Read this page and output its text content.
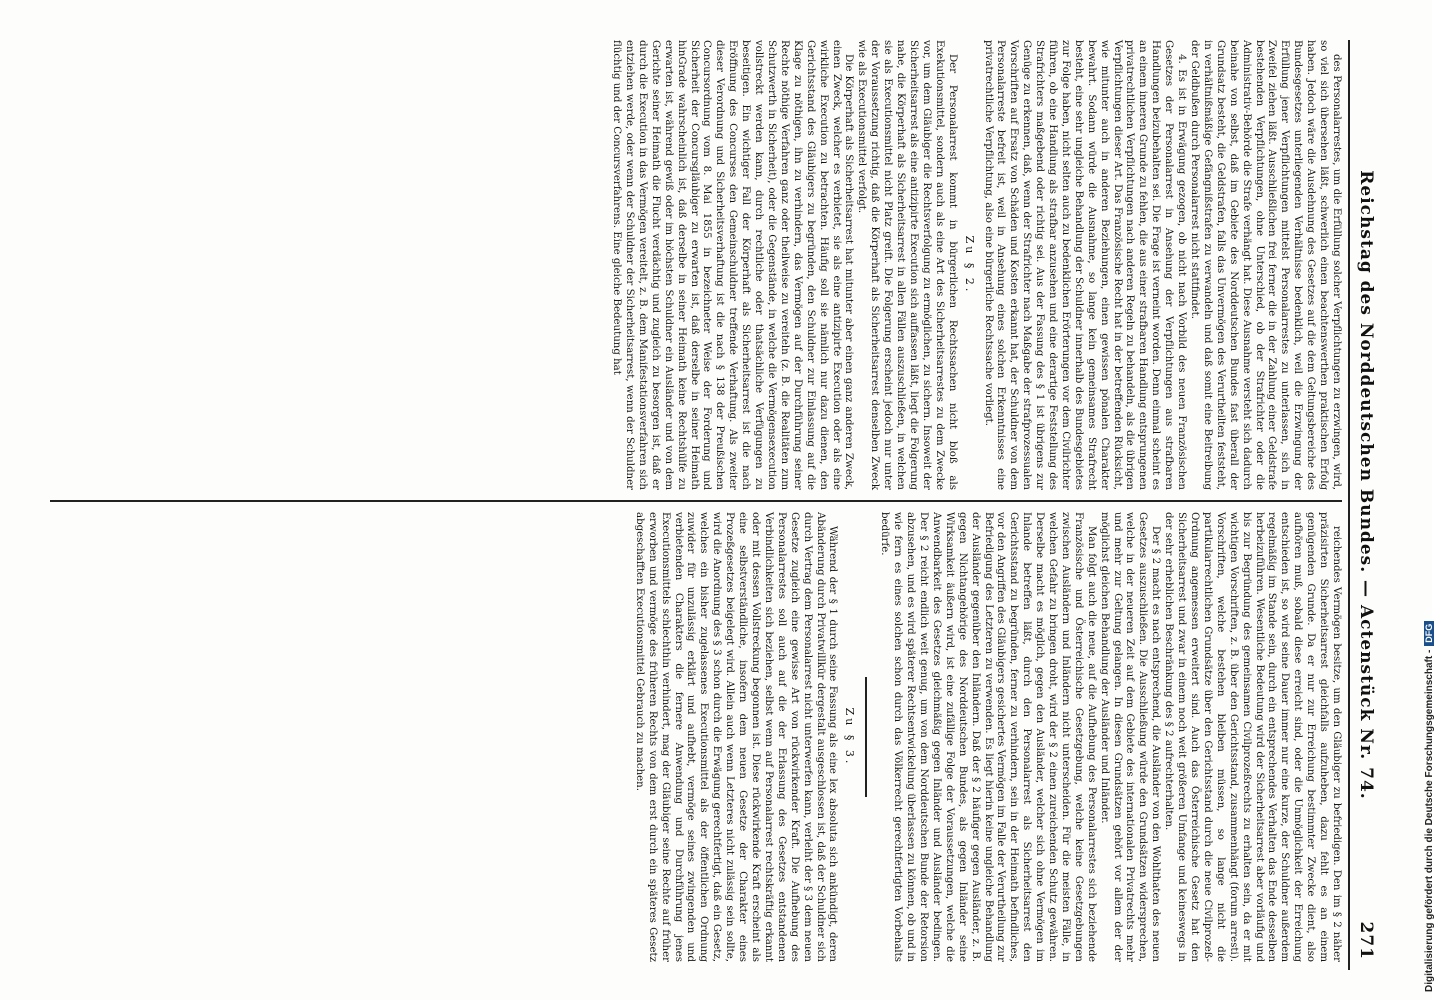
Reichstag des Norddeutschen Bundes. — Actenstück Nr. 74.
271

des Personalarrestes, um die Erfüllung solcher Verpflichtungen zu erzwingen, wird, so viel sich übersehen läßt, schwerlich einen beachtenswerthen praktischen Erfolg haben. Jedoch wäre die Ausdehnung des Gesetzes auf die dem Geltungsbereiche des Bundesgesetzes unterliegenden Verhältnisse bedenklich, weil die Erzwingung der Erfüllung jener Verpflichtungen mittelst Personalarrestes zu unterlassen, sich in Zweifel ziehen läßt. Ausschließlichen frei ferner die in der Zahlung einer Geldstrafe bestehenden Verpflichtungen, ohne Unterschied, ob der Strafrichter oder die Administrativ-Behörde die Strafe verhängt hat. Diese Ausnahme versteht sich dadurch beinahe von selbst, daß im Gebiete des Norddeutschen Bundes fast überall der Grundsatz besteht, die Geldstrafen, falls das Unvermögen des Verurtheilten feststeht, in verhältnißmäßige Gefängnißstrafen zu verwandeln und daß somit eine Beitreibung der Geldbußen durch Personalarrest nicht stattfindet.

4. Es ist in Erwägung gezogen, ob nicht nach Vorbild des neuen Französischen Gesetzes der Personalarrest in Ansehung der Verpflichtungen aus strafbaren Handlungen beizubehalten sei. Die Frage ist verneint worden. Denn einmal scheint es an einem inneren Grunde zu fehlen, die aus einer strafbaren Handlung entsprungenen privatrechtlichen Verpflichtungen nach anderen Regeln zu behandeln, als die übrigen Verpflichtungen dieser Art. Das Französische Recht hat in der betreffenden Rücksicht, wie mitunter auch in anderen Beziehungen, einen gewissen pönalen Charakter bewahrt. Sodann würde die Ausnahme, so lange kein gemeinsames Strafrecht besteht, eine sehr ungleiche Behandlung der Schuldner innerhalb des Bundesgebietes zur Folge haben, nicht selten auch zu bedenklichen Erörterungen vor dem Civilrichter führen, ob eine Handlung als strafbar anzusehen und eine derartige Feststellung des Strafrichters maßgebend oder richtig sei. Aus der Fassung des § 1 ist übrigens zur Genüge zu erkennen, daß, wenn der Strafrichter nach Maßgabe der strafprozessualen Vorschriften auf Ersatz von Schäden und Kosten erkannt hat, der Schuldner von dem Personalarreste befreit ist, weil in Ansehung eines solchen Erkenntnisses eine privatrechtliche Verpflichtung, also eine bürgerliche Rechtssache vorliegt.

Zu § 2.

Der Personalarrest kommt in bürgerlichen Rechtssachen nicht bloß als Exekutionsmittel, sondern auch als eine Art des Sicherheitsarrestes zu dem Zwecke vor, um dem Gläubiger die Rechtsverfolgung zu ermöglichen, zu sichern. Insoweit der Sicherheitsarrest als eine antizipirte Execution sich auffassen läßt, liegt die Folgerung nahe, die Körperhaft als Sicherheitsarrest in allen Fällen auszuschließen, in welchen sie als Executionsmittel nicht Platz greift. Die Folgerung erscheint jedoch nur unter der Voraussetzung richtig, daß die Körperhaft als Sicherheitsarrest denselben Zweck wie als Executionsmittel verfolgt.

Die Körperhaft als Sicherheitsarrest hat mitunter aber einen ganz anderen Zweck, einen Zweck, welcher es verbietet, sie als eine antizipirte Execution oder als eine wirkliche Execution zu betrachten. Häufig soll sie nämlich nur dazu dienen, den Gerichtsstand des Gläubigers zu begründen, den Schuldner zur Einlassung auf die Klage zu nöthigen, ihn zu verhindern, das Vermögen auf der Durchführung seiner Rechte nöthige Verfahren ganz oder theilweise zu vereiteln (z. B. die Realitäten zum Schutzwerth in Sicherheit), oder die Gegenstände, in welche die Vermögensexecution vollstreckt werden kann, durch rechtliche oder thatsächliche Verfügungen zu beseitigen. Ein wichtiger Fall der Körperhaft als Sicherheitsarrest ist die nach Eröffnung des Concurses den Gemeinschuldner treffende Verhaftung. Als zweiter dieser Verordnung und Sicherheitsverhaftung ist die nach § 138 der Preußischen Concursordnung vom 8. Mai 1855 in bezeichneter Weise der Forderung und Sicherheit der Concursgläubiger zu erwarten ist, daß derselbe in seiner Heimath hinGrade wahrscheinlich ist, daß derselbe in seiner Heimath keine Rechtshülfe zu erwarten ist, während gewiß oder im höchsten Schuldner ein Ausländer und von dem Gerichte seiner Heimath die Flucht verdächtig und zugleich zu besorgen ist, daß er durch die Execution in das Vermögen vereitelt, z. B. dem Manifestationsverfahren sich entziehen werde, oder wenn der Schuldner der Sicherheitsarrest, wenn der Schuldner flüchtig und der Concursverfahrens. Eine gleiche Bedeutung hat

reichendes Vermögen besitze, um den Gläubiger zu befriedigen. Den im § 2 näher präzisirten Sicherheitsarrest gleichfalls aufzuheben, dazu fehlt es an einem genügenden Grunde. Da er nur zur Erreichung bestimmter Zwecke dient, also aufhören muß, sobald diese erreicht sind, oder die Unmöglichkeit der Erreichung entschieden ist, so wird seine Dauer immer nur eine kurze, der Schuldner außerdem regelmäßig im Stande sein, durch ein entsprechendes Verhalten das Ende desselben herbeizuführen. Wesentliche Bedeutung wird der Sicherheitsarrest aber vorläufig und bis zur Begründung des gemeinsamen Civilprozeßrechts zu erhalten sein, da er mit wichtigen Vorschriften, z. B. über den Gerichtsstand, zusammenhängt (forum arresti). Vorschriften, welche bestehen bleiben müssen, so lange nicht die partikularrechtlichen Grundsätze über den Gerichtsstand durch die neue Civilprozeß-Ordnung angemessen erweitert sind. Auch das Österreichische Gesetz hat den Sicherheitsarrest und zwar in einem noch weit größeren Umfange und keineswegs in der sehr erheblichen Beschränkung des § 2 aufrechterhalten.

Der § 2 macht es nach entsprechend, die Ausländer von den Wohlthaten des neuen Gesetzes auszuschließen. Die Ausschließung würde den Grundsätzen widersprechen, welche in der neueren Zeit auf dem Gebiete des internationalen Privatrechts mehr und mehr zur Geltung gelangen. In diesen Grundsätzen gehört vor allem der der möglichst gleichen Behandlung der Ausländer und Inländer.

Man folgt auch die neue, auf die Aufhebung des Personalarrestes sich beziehende Französische und Österreichische Gesetzgebung, welche keine Gesetzgebungen zwischen Ausländern und Inländern nicht unterscheiden. Für die meisten Fälle, in welchen Gefahr zu bringen droht, wird der § 2 einen zureichenden Schutz gewähren. Derselbe macht es möglich, gegen den Ausländer, welcher sich ohne Vermögen im Inlande betreffen läßt, durch den Personalarrest als Sicherheitsarrest den Gerichtsstand zu begründen, ferner zu verhindern, sein in der Heimath befindliches, vor den Angriffen des Gläubigers gesichertes Vermögen im Falle der Verurtheilung zur Befriedigung des Letzteren zu verwenden. Es liegt hierin keine ungleiche Behandlung der Ausländer gegenüber den Inländern. Daß der § 2 häufiger gegen Ausländer, z. B. gegen Nichtangehörige des Norddeutschen Bundes, als gegen Inländer seine Wirksamkeit äußern wird, ist eine zufällige Folge der Voraussetzungen, welche die Anwendbarkeit des Gesetzes gleichmäßig gegen Inländer und Ausländer bedingen. Der § 2 reicht endlich weit genug, um von dem Norddeutschen Bunde der Retorsion abzusehen, und es wird späterer Rechtsentwickelung überlassen zu können, ob und in wie fern es eines solchen schon durch das Völkerrecht gerechtfertigten Vorbehalts bedürfe.

Zu § 3.

Während der § 1 durch seine Fassung als eine lex absoluta sich ankündigt, deren Abänderung durch Privatwillkür dergestalt ausgeschlossen ist, daß der Schuldner sich durch Vertrag dem Personalarrest nicht unterwerfen kann, verleiht der § 3 dem neuen Gesetze zugleich eine gewisse Art von rückwirkender Kraft. Die Aufhebung des Personalarrestes soll auch auf die der Erlassung des Gesetzes entstandenen Verbindlichkeiten sich beziehen, selbst wenn auf Personalarrest rechtskräftig erkannt oder mit dessen Vollstreckung begonnen ist. Diese rückwirkende Kraft erscheint als eine selbstverständliche, insofern dem neuen Gesetze der Charakter eines Prozeßgesetzes beigelegt wird. Allein auch wenn Letzteres nicht zulässig sein sollte, wird die Anordnung des § 3 schon durch die Erwägung gerechtfertigt, daß ein Gesetz, welches ein bisher zugelassenes Executionsmittel als der öffentlichen Ordnung zuwider für unzulässig erklärt und aufhebt, vermöge seines zwingenden und verbietenden Charakters die fernere Anwendung und Durchführung jenes Executionsmittels schlechthin verhindert, mag der Gläubiger seine Rechte auf früher erworben und vermöge des früheren Rechts von dem erst durch ein späteres Gesetz abgeschafften Executionsmittel Gebrauch zu machen.	Digitalisierung gefördert durch die Deutsche Forschungsgemeinschaft -DFG
